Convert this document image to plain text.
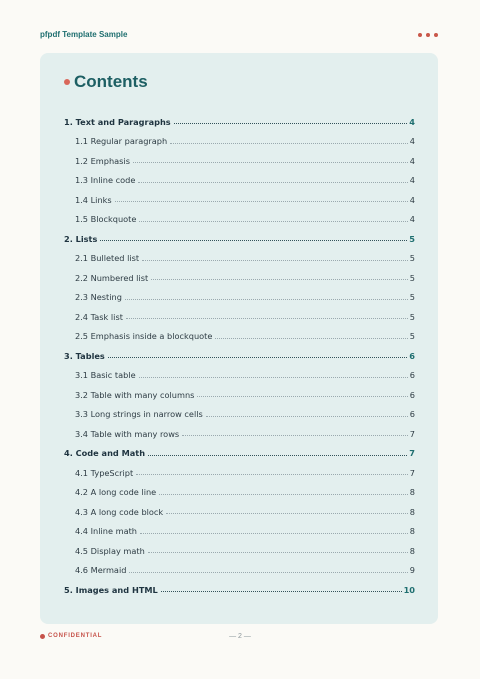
pfpdf Template Sample
Contents
1. Text and Paragraphs	4
1.1 Regular paragraph	4
1.2 Emphasis	4
1.3 Inline code	4
1.4 Links	4
1.5 Blockquote	4
2. Lists	5
2.1 Bulleted list	5
2.2 Numbered list	5
2.3 Nesting	5
2.4 Task list	5
2.5 Emphasis inside a blockquote	5
3. Tables	6
3.1 Basic table	6
3.2 Table with many columns	6
3.3 Long strings in narrow cells	6
3.4 Table with many rows	7
4. Code and Math	7
4.1 TypeScript	7
4.2 A long code line	8
4.3 A long code block	8
4.4 Inline math	8
4.5 Display math	8
4.6 Mermaid	9
5. Images and HTML	10
CONFIDENTIAL	— 2 —
